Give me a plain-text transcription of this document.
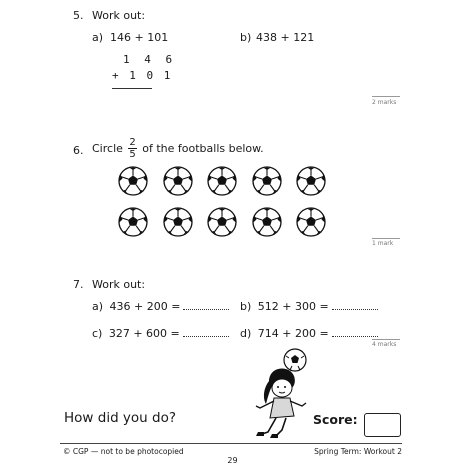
5. Work out:
a) 146 + 101	b) 438 + 121
1 4 6
+ 1 0 1
2 marks
6. Circle $\frac{2}{5}$ of the footballs below.
1 mark
7. Work out:
a) 436 + 200 =	b) 512 + 300 =
c) 327 + 600 =	d) 714 + 200 =
4 marks
How did you do?	Score:
© CGP — not to be photocopied
29
Spring Term: Workout 2
